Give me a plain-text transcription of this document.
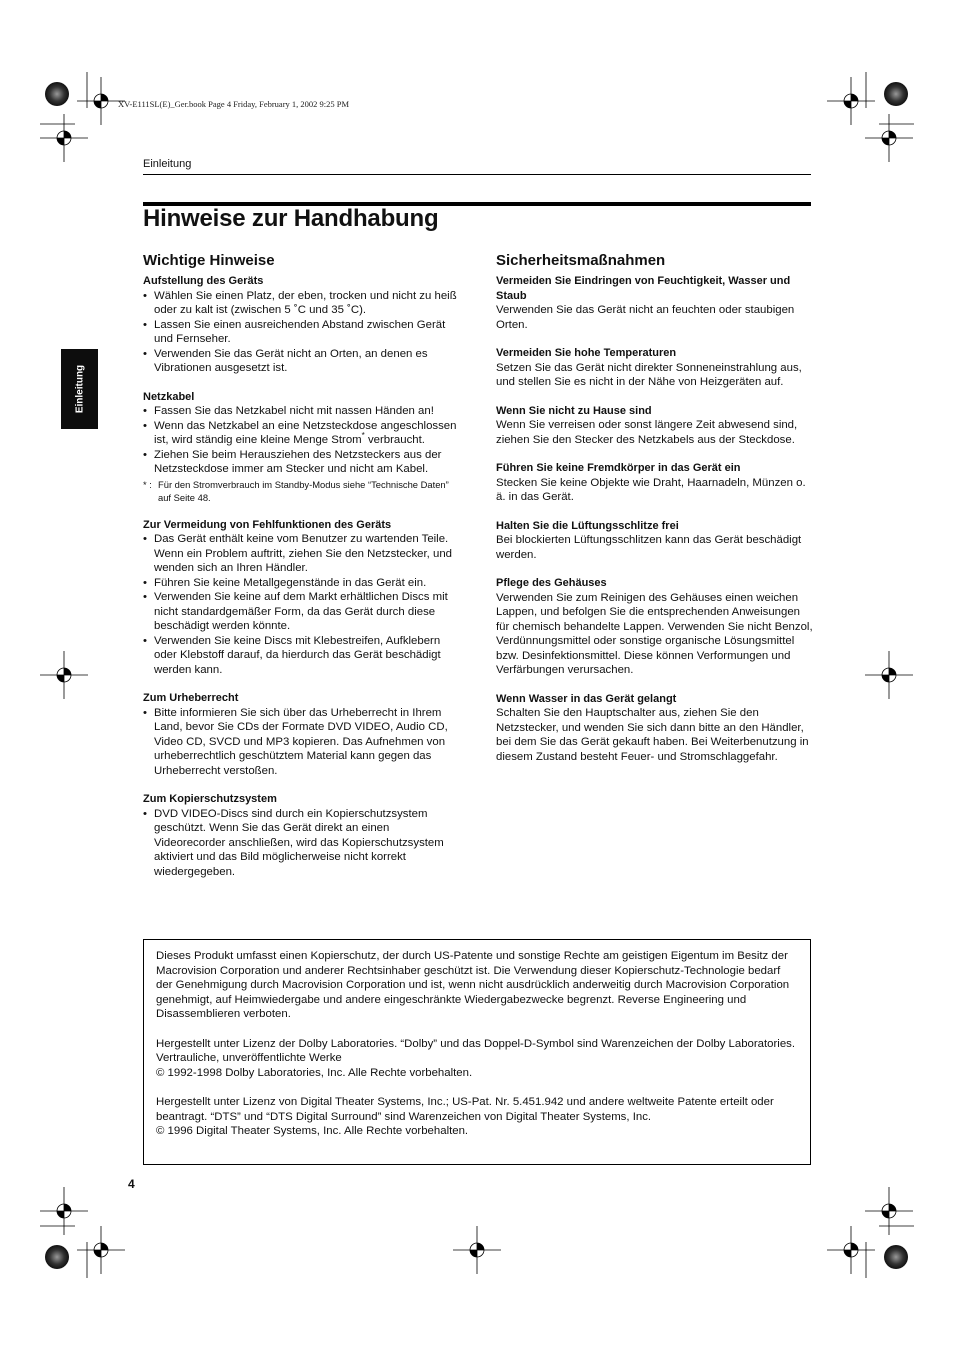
XV-E111SL(E)_Ger.book Page 4 Friday, February 1, 2002 9:25 PM
Einleitung
Hinweise zur Handhabung
Einleitung
Wichtige Hinweise
Aufstellung des Geräts
• Wählen Sie einen Platz, der eben, trocken und nicht zu heiß oder zu kalt ist (zwischen 5 ˚C und 35 ˚C).
• Lassen Sie einen ausreichenden Abstand zwischen Gerät und Fernseher.
• Verwenden Sie das Gerät nicht an Orten, an denen es Vibrationen ausgesetzt ist.
Netzkabel
• Fassen Sie das Netzkabel nicht mit nassen Händen an!
• Wenn das Netzkabel an eine Netzsteckdose angeschlossen ist, wird ständig eine kleine Menge Strom* verbraucht.
• Ziehen Sie beim Herausziehen des Netzsteckers aus der Netzsteckdose immer am Stecker und nicht am Kabel.
* : Für den Stromverbrauch im Standby-Modus siehe “Technische Daten” auf Seite 48.
Zur Vermeidung von Fehlfunktionen des Geräts
• Das Gerät enthält keine vom Benutzer zu wartenden Teile. Wenn ein Problem auftritt, ziehen Sie den Netzstecker, und wenden sich an Ihren Händler.
• Führen Sie keine Metallgegenstände in das Gerät ein.
• Verwenden Sie keine auf dem Markt erhältlichen Discs mit nicht standardgemäßer Form, da das Gerät durch diese beschädigt werden könnte.
• Verwenden Sie keine Discs mit Klebestreifen, Aufklebern oder Klebstoff darauf, da hierdurch das Gerät beschädigt werden kann.
Zum Urheberrecht
• Bitte informieren Sie sich über das Urheberrecht in Ihrem Land, bevor Sie CDs der Formate DVD VIDEO, Audio CD, Video CD, SVCD und MP3 kopieren. Das Aufnehmen von urheberrechtlich geschütztem Material kann gegen das Urheberrecht verstoßen.
Zum Kopierschutzsystem
• DVD VIDEO-Discs sind durch ein Kopierschutzsystem geschützt. Wenn Sie das Gerät direkt an einen Videorecorder anschließen, wird das Kopierschutzsystem aktiviert und das Bild möglicherweise nicht korrekt wiedergegeben.
Sicherheitsmaßnahmen
Vermeiden Sie Eindringen von Feuchtigkeit, Wasser und Staub

Verwenden Sie das Gerät nicht an feuchten oder staubigen Orten.

Vermeiden Sie hohe Temperaturen

Setzen Sie das Gerät nicht direkter Sonneneinstrahlung aus, und stellen Sie es nicht in der Nähe von Heizgeräten auf.

Wenn Sie nicht zu Hause sind

Wenn Sie verreisen oder sonst längere Zeit abwesend sind, ziehen Sie den Stecker des Netzkabels aus der Steckdose.

Führen Sie keine Fremdkörper in das Gerät ein

Stecken Sie keine Objekte wie Draht, Haarnadeln, Münzen o. ä. in das Gerät.

Halten Sie die Lüftungsschlitze frei

Bei blockierten Lüftungsschlitzen kann das Gerät beschädigt werden.

Pflege des Gehäuses

Verwenden Sie zum Reinigen des Gehäuses einen weichen Lappen, und befolgen Sie die entsprechenden Anweisungen für chemisch behandelte Lappen. Verwenden Sie nicht Benzol, Verdünnungsmittel oder sonstige organische Lösungsmittel bzw. Desinfektionsmittel. Diese können Verformungen und Verfärbungen verursachen.

Wenn Wasser in das Gerät gelangt

Schalten Sie den Hauptschalter aus, ziehen Sie den Netzstecker, und wenden Sie sich dann bitte an den Händler, bei dem Sie das Gerät gekauft haben. Bei Weiterbenutzung in diesem Zustand besteht Feuer- und Stromschlaggefahr.

Dieses Produkt umfasst einen Kopierschutz, der durch US-Patente und sonstige Rechte am geistigen Eigentum im Besitz der Macrovision Corporation und anderer Rechtsinhaber geschützt ist. Die Verwendung dieser Kopierschutz-Technologie bedarf der Genehmigung durch Macrovision Corporation und ist, wenn nicht ausdrücklich anderweitig durch Macrovision Corporation genehmigt, auf Heimwiedergabe und andere eingeschränkte Wiedergabezwecke begrenzt. Reverse Engineering und Disassemblieren verboten.

Hergestellt unter Lizenz der Dolby Laboratories. “Dolby” und das Doppel-D-Symbol sind Warenzeichen der Dolby Laboratories.

Vertrauliche, unveröffentlichte Werke

© 1992-1998 Dolby Laboratories, Inc. Alle Rechte vorbehalten.

Hergestellt unter Lizenz von Digital Theater Systems, Inc.; US-Pat. Nr. 5.451.942 und andere weltweite Patente erteilt oder beantragt. “DTS” und “DTS Digital Surround” sind Warenzeichen von Digital Theater Systems, Inc.

© 1996 Digital Theater Systems, Inc. Alle Rechte vorbehalten.

4
